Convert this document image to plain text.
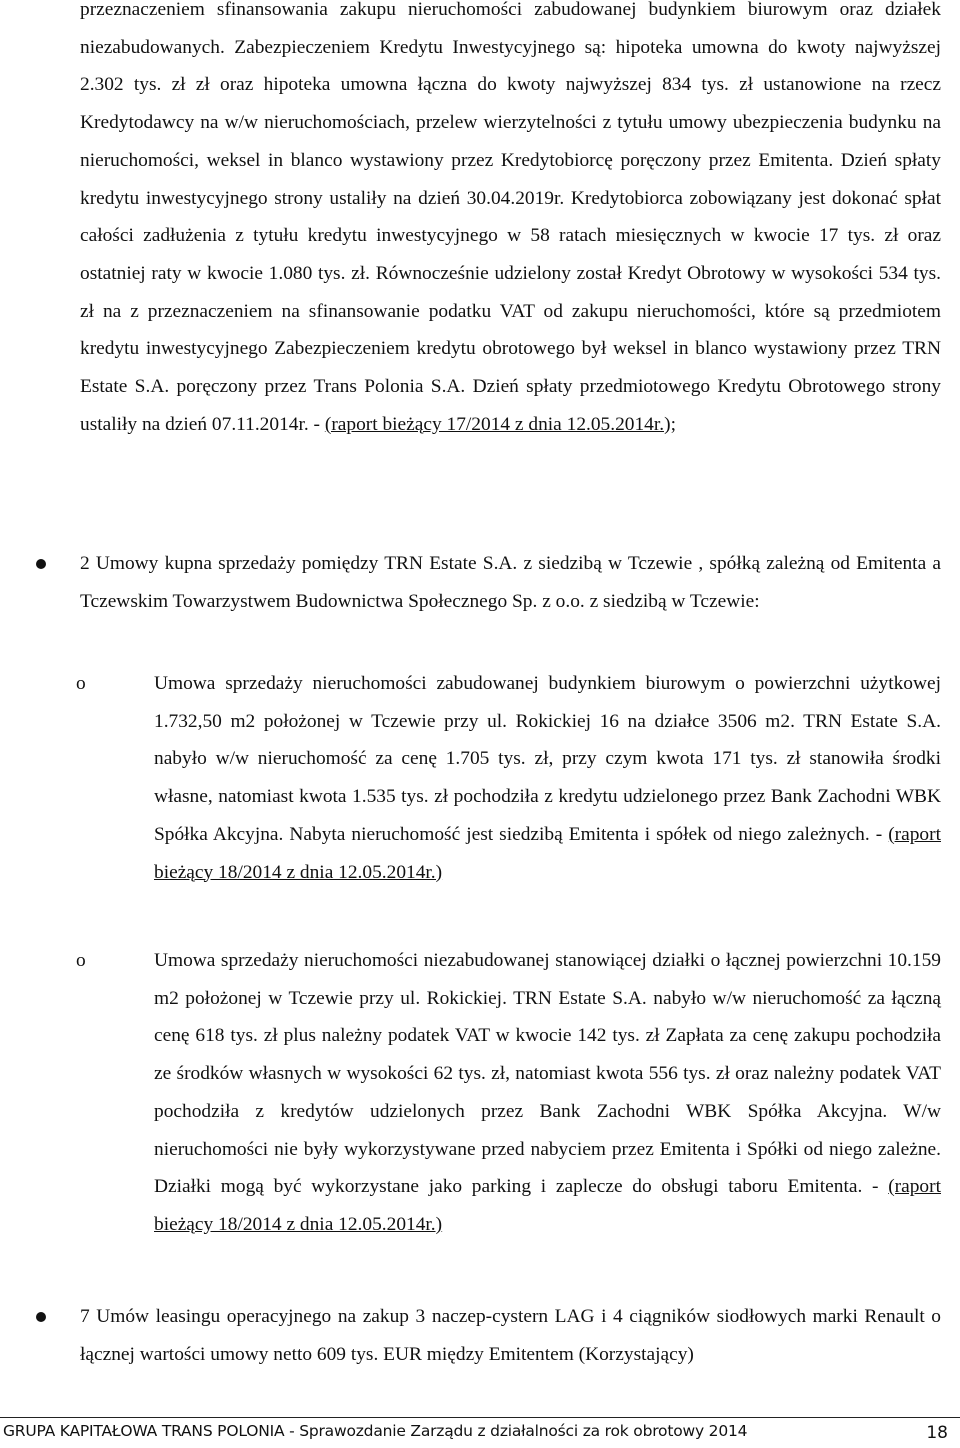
przeznaczeniem sfinansowania zakupu nieruchomości zabudowanej budynkiem biurowym oraz działek niezabudowanych. Zabezpieczeniem Kredytu Inwestycyjnego są: hipoteka umowna do kwoty najwyższej 2.302 tys. zł zł oraz hipoteka umowna łączna do kwoty najwyższej 834 tys. zł ustanowione na rzecz Kredytodawcy na w/w nieruchomościach, przelew wierzytelności z tytułu umowy ubezpieczenia budynku na nieruchomości, weksel in blanco wystawiony przez Kredytobiorcę poręczony przez Emitenta. Dzień spłaty kredytu inwestycyjnego strony ustaliły na dzień 30.04.2019r. Kredytobiorca zobowiązany jest dokonać spłat całości zadłużenia z tytułu kredytu inwestycyjnego w 58 ratach miesięcznych w kwocie 17 tys. zł oraz ostatniej raty w kwocie 1.080 tys. zł. Równocześnie udzielony został Kredyt Obrotowy w wysokości 534 tys. zł na z przeznaczeniem na sfinansowanie podatku VAT od zakupu nieruchomości, które są przedmiotem kredytu inwestycyjnego Zabezpieczeniem kredytu obrotowego był weksel in blanco wystawiony przez TRN Estate S.A. poręczony przez Trans Polonia S.A. Dzień spłaty przedmiotowego Kredytu Obrotowego strony ustaliły na dzień 07.11.2014r. - (raport bieżący 17/2014 z dnia 12.05.2014r.);

2 Umowy kupna sprzedaży pomiędzy TRN Estate S.A. z siedzibą w Tczewie , spółką zależną od Emitenta a Tczewskim Towarzystwem Budownictwa Społecznego Sp. z o.o. z siedzibą w Tczewie:

o	Umowa sprzedaży nieruchomości zabudowanej budynkiem biurowym o powierzchni użytkowej 1.732,50 m2 położonej w Tczewie przy ul. Rokickiej 16 na działce 3506 m2. TRN Estate S.A. nabyło w/w nieruchomość za cenę 1.705 tys. zł, przy czym kwota 171 tys. zł stanowiła środki własne, natomiast kwota 1.535 tys. zł pochodziła z kredytu udzielonego przez Bank Zachodni WBK Spółka Akcyjna. Nabyta nieruchomość jest siedzibą Emitenta i spółek od niego zależnych. - (raport bieżący 18/2014 z dnia 12.05.2014r.)

o	Umowa sprzedaży nieruchomości niezabudowanej stanowiącej działki o łącznej powierzchni 10.159 m2 położonej w Tczewie przy ul. Rokickiej. TRN Estate S.A. nabyło w/w nieruchomość za łączną cenę 618 tys. zł plus należny podatek VAT w kwocie 142 tys. zł Zapłata za cenę zakupu pochodziła ze środków własnych w wysokości 62 tys. zł, natomiast kwota 556 tys. zł oraz należny podatek VAT pochodziła z kredytów udzielonych przez Bank Zachodni WBK Spółka Akcyjna. W/w nieruchomości nie były wykorzystywane przed nabyciem przez Emitenta i Spółki od niego zależne. Działki mogą być wykorzystane jako parking i zaplecze do obsługi taboru Emitenta. - (raport bieżący 18/2014 z dnia 12.05.2014r.)

7 Umów leasingu operacyjnego na zakup 3 naczep-cystern LAG i 4 ciągników siodłowych marki Renault o łącznej wartości umowy netto 609 tys. EUR między Emitentem (Korzystający)

GRUPA KAPITAŁOWA TRANS POLONIA - Sprawozdanie Zarządu z działalności za rok obrotowy 2014	18
